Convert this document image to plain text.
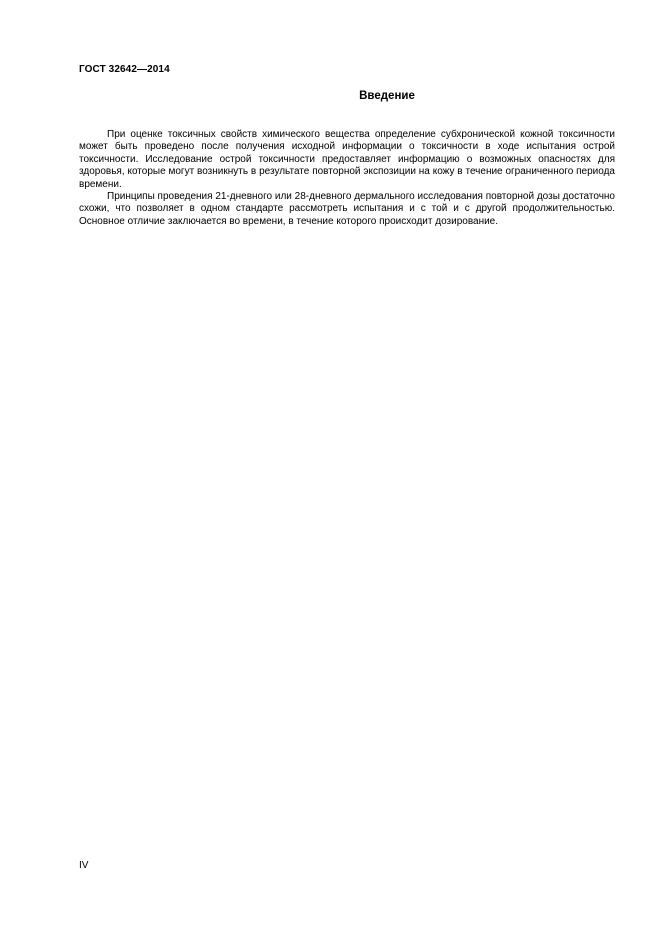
ГОСТ 32642—2014
Введение

При оценке токсичных свойств химического вещества определение субхронической кожной токсичности может быть проведено после получения исходной информации о токсичности в ходе испытания острой токсичности. Исследование острой токсичности предоставляет информацию о возможных опасностях для здоровья, которые могут возникнуть в результате повторной экспозиции на кожу в течение ограниченного периода времени.

Принципы проведения 21-дневного или 28-дневного дермального исследования повторной дозы достаточно схожи, что позволяет в одном стандарте рассмотреть испытания и с той и с другой продолжительностью. Основное отличие заключается во времени, в течение которого происходит дозирование.

IV
